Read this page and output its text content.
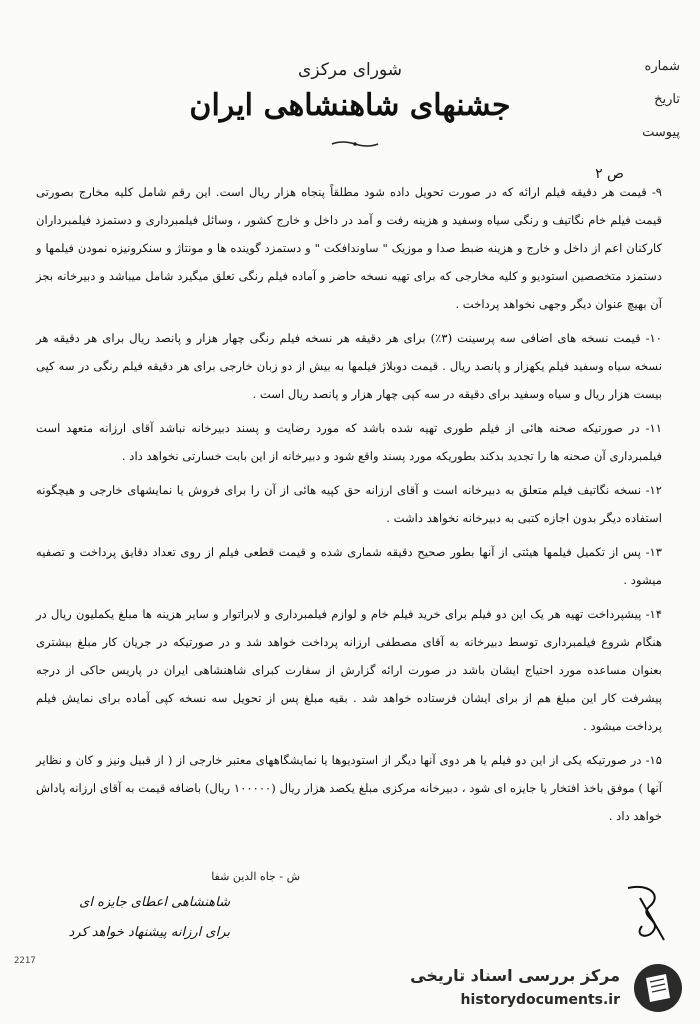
شماره
تاریخ
پیوست
شورای مرکزی
جشنهای شاهنشاهی ایران
ص ۲

۹- قیمت هر دقیقه فیلم ارائه که در صورت تحویل داده شود مطلقاً پنجاه هزار ریال است. این رقم شامل کلیه مخارج بصورتی قیمت فیلم خام نگاتیف و رنگی سیاه وسفید و هزینه رفت و آمد در داخل و خارج کشور ، وسائل فیلمبرداری و دستمزد فیلمبرداران کارکنان اعم از داخل و خارج و هزینه ضبط صدا و موزیک " ساوندافکت " و دستمزد گوینده ها و مونتاژ و سنکرونیزه نمودن فیلمها و دستمزد متخصصین استودیو و کلیه مخارجی که برای تهیه نسخه حاضر و آماده فیلم رنگی تعلق میگیرد شامل میباشد و دبیرخانه بجز آن بهیچ عنوان دیگر وجهی نخواهد پرداخت .

۱۰- قیمت نسخه های اضافی سه پرسینت (۳٪) برای هر دقیقه هر نسخه فیلم رنگی چهار هزار و پانصد ریال برای هر دقیقه هر نسخه سیاه وسفید فیلم یکهزار و پانصد ریال . قیمت دوبلاژ فیلمها به بیش از دو زبان خارجی برای هر دقیقه فیلم رنگی در سه کپی بیست هزار ریال و سیاه وسفید برای دقیقه در سه کپی چهار هزار و پانصد ریال است .

۱۱- در صورتیکه صحنه هائی از فیلم طوری تهیه شده باشد که مورد رضایت و پسند دبیرخانه نباشد آقای ارزانه متعهد است فیلمبرداری آن صحنه ها را تجدید بدکند بطوریکه مورد پسند واقع شود و دبیرخانه از این بابت خسارتی نخواهد داد .

۱۲- نسخه نگاتیف فیلم متعلق به دبیرخانه است و آقای ارزانه حق کپیه هائی از آن را برای فروش یا نمایشهای خارجی و هیچگونه استفاده دیگر بدون اجازه کتبی به دبیرخانه نخواهد داشت .

۱۳- پس از تکمیل فیلمها هیئتی از آنها بطور صحیح دقیقه شماری شده و قیمت قطعی فیلم از روی تعداد دقایق پرداخت و تصفیه میشود .

۱۴- پیشپرداخت تهیه هر یک این دو فیلم برای خرید فیلم خام و لوازم فیلمبرداری و لابراتوار و سایر هزینه ها مبلغ یکملیون ریال در هنگام شروع فیلمبرداری توسط دبیرخانه به آقای مصطفی ارزانه پرداخت خواهد شد و در صورتیکه در جریان کار مبلغ بیشتری بعنوان مساعده مورد احتیاج ایشان باشد در صورت ارائه گزارش از سفارت کبرای شاهنشاهی ایران در پاریس حاکی از درجه پیشرفت کار این مبلغ هم از برای ایشان فرستاده خواهد شد . بقیه مبلغ پس از تحویل سه نسخه کپی آماده برای نمایش فیلم پرداخت میشود .

۱۵- در صورتیکه یکی از این دو فیلم یا هر دوی آنها دیگر از استودیوها یا نمایشگاههای معتبر خارجی از ( از قبیل ونیز و کان و نظایر آنها ) موفق باخذ افتخار یا جایزه ای شود ، دبیرخانه مرکزی مبلغ یکصد هزار ریال (۱۰۰۰۰۰ ریال) باضافه قیمت به آقای ارزانه پاداش خواهد داد .

ش - جاه الدین شفا
شاهنشاهی اعطای جایزه ای
برای ارزانه پیشنهاد خواهد کرد
2217
مرکز بررسی اسناد تاریخی
historydocuments.ir
